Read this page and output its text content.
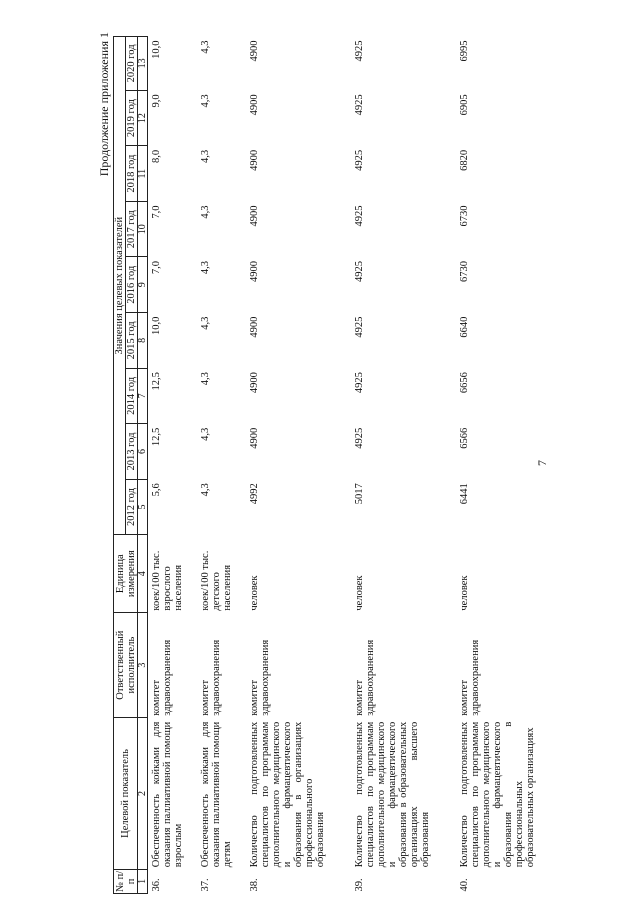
Продолжение приложения 1
№ п/п	Целевой показатель	Ответственный исполнитель	Единица измерения	Значения целевых показателей								
				2012 год	2013 год	2014 год	2015 год	2016 год	2017 год	2018 год	2019 год	2020 год
1	2	3	4	5	6	7	8	9	10	11	12	13
36.	Обеспеченность койками для оказания паллиативной помощи взрослым	комитет здравоохранения	коек/100 тыс. взрослого населения	5,6	12,5	12,5	10,0	7,0	7,0	8,0	9,0	10,0
37.	Обеспеченность койками для оказания паллиативной помощи детям	комитет здравоохранения	коек/100 тыс. детского населения	4,3	4,3	4,3	4,3	4,3	4,3	4,3	4,3	4,3
38.	Количество подготовленных специалистов по программам дополнительного медицинского и фармацевтического образования в организациях профессионального образования	комитет здравоохранения	человек	4992	4900	4900	4900	4900	4900	4900	4900	4900
39.	Количество подготовленных специалистов по программам дополнительного медицинского и фармацевтического образования в образовательных организациях высшего образования	комитет здравоохранения	человек	5017	4925	4925	4925	4925	4925	4925	4925	4925
40.	Количество подготовленных специалистов по программам дополнительного медицинского и фармацевтического образования в профессиональных образовательных организациях	комитет здравоохранения	человек	6441	6566	6656	6640	6730	6730	6820	6905	6995
7
